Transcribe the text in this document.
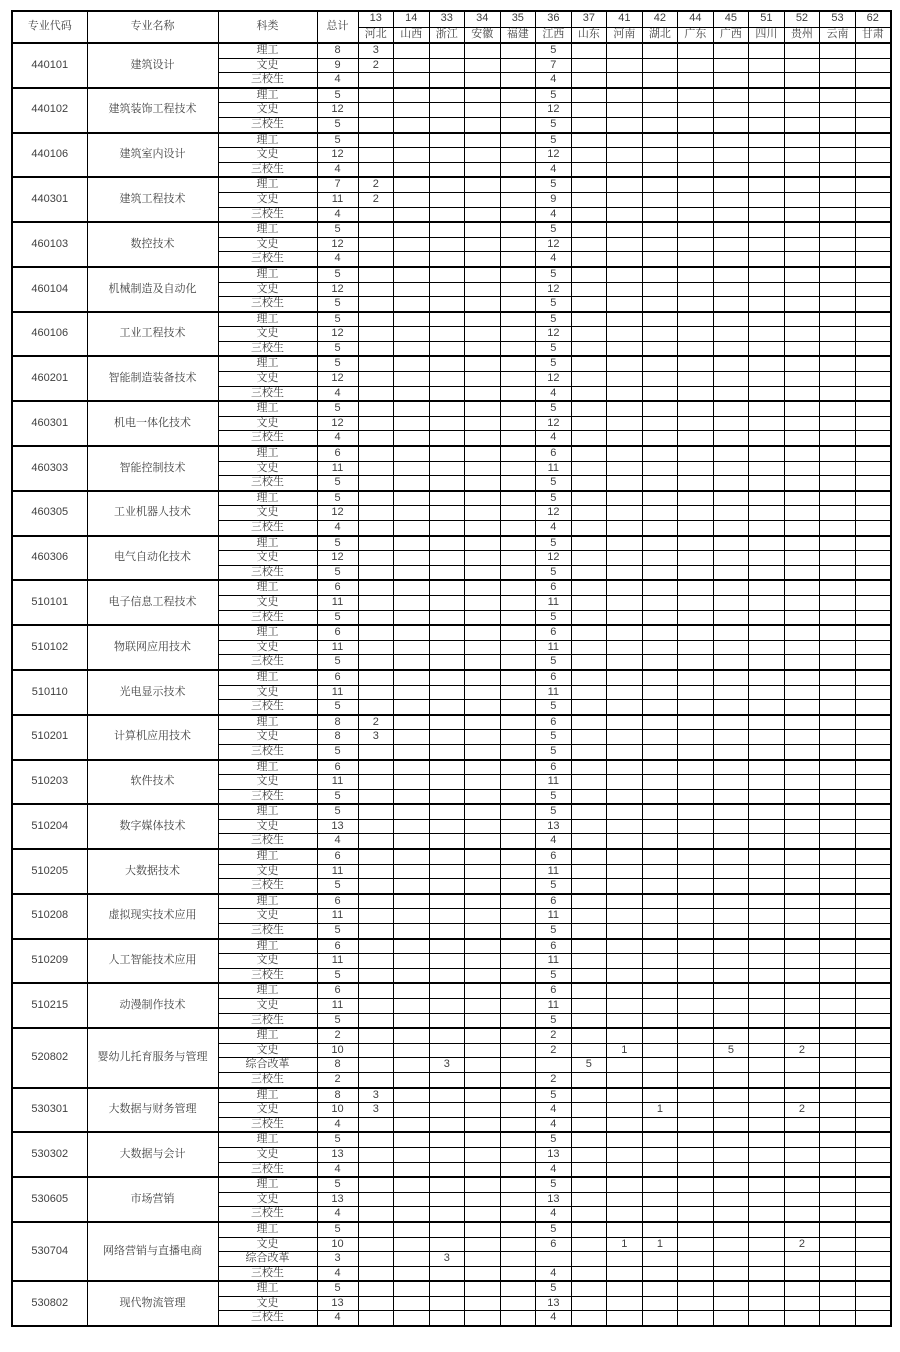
专业代码	专业名称	科类	总计	13	14	33	34	35	36	37	41	42	44	45	51	52	53	62
				河北	山西	浙江	安徽	福建	江西	山东	河南	湖北	广东	广西	四川	贵州	云南	甘肃
440101	建筑设计	理工	8	3					5									
		文史	9	2					7									
		三校生	4						4									
440102	建筑装饰工程技术	理工	5						5									
		文史	12						12									
		三校生	5						5									
440106	建筑室内设计	理工	5						5									
		文史	12						12									
		三校生	4						4									
440301	建筑工程技术	理工	7	2					5									
		文史	11	2					9									
		三校生	4						4									
460103	数控技术	理工	5						5									
		文史	12						12									
		三校生	4						4									
460104	机械制造及自动化	理工	5						5									
		文史	12						12									
		三校生	5						5									
460106	工业工程技术	理工	5						5									
		文史	12						12									
		三校生	5						5									
460201	智能制造装备技术	理工	5						5									
		文史	12						12									
		三校生	4						4									
460301	机电一体化技术	理工	5						5									
		文史	12						12									
		三校生	4						4									
460303	智能控制技术	理工	6						6									
		文史	11						11									
		三校生	5						5									
460305	工业机器人技术	理工	5						5									
		文史	12						12									
		三校生	4						4									
460306	电气自动化技术	理工	5						5									
		文史	12						12									
		三校生	5						5									
510101	电子信息工程技术	理工	6						6									
		文史	11						11									
		三校生	5						5									
510102	物联网应用技术	理工	6						6									
		文史	11						11									
		三校生	5						5									
510110	光电显示技术	理工	6						6									
		文史	11						11									
		三校生	5						5									
510201	计算机应用技术	理工	8	2					6									
		文史	8	3					5									
		三校生	5						5									
510203	软件技术	理工	6						6									
		文史	11						11									
		三校生	5						5									
510204	数字媒体技术	理工	5						5									
		文史	13						13									
		三校生	4						4									
510205	大数据技术	理工	6						6									
		文史	11						11									
		三校生	5						5									
510208	虚拟现实技术应用	理工	6						6									
		文史	11						11									
		三校生	5						5									
510209	人工智能技术应用	理工	6						6									
		文史	11						11									
		三校生	5						5									
510215	动漫制作技术	理工	6						6									
		文史	11						11									
		三校生	5						5									
520802	婴幼儿托育服务与管理	理工	2						2									
		文史	10						2		1			5		2		
		综合改革	8			3				5								
		三校生	2						2									
530301	大数据与财务管理	理工	8	3					5									
		文史	10	3					4			1				2		
		三校生	4						4									
530302	大数据与会计	理工	5						5									
		文史	13						13									
		三校生	4						4									
530605	市场营销	理工	5						5									
		文史	13						13									
		三校生	4						4									
530704	网络营销与直播电商	理工	5						5									
		文史	10						6		1	1				2		
		综合改革	3			3												
		三校生	4						4									
530802	现代物流管理	理工	5						5									
		文史	13						13									
		三校生	4						4									
